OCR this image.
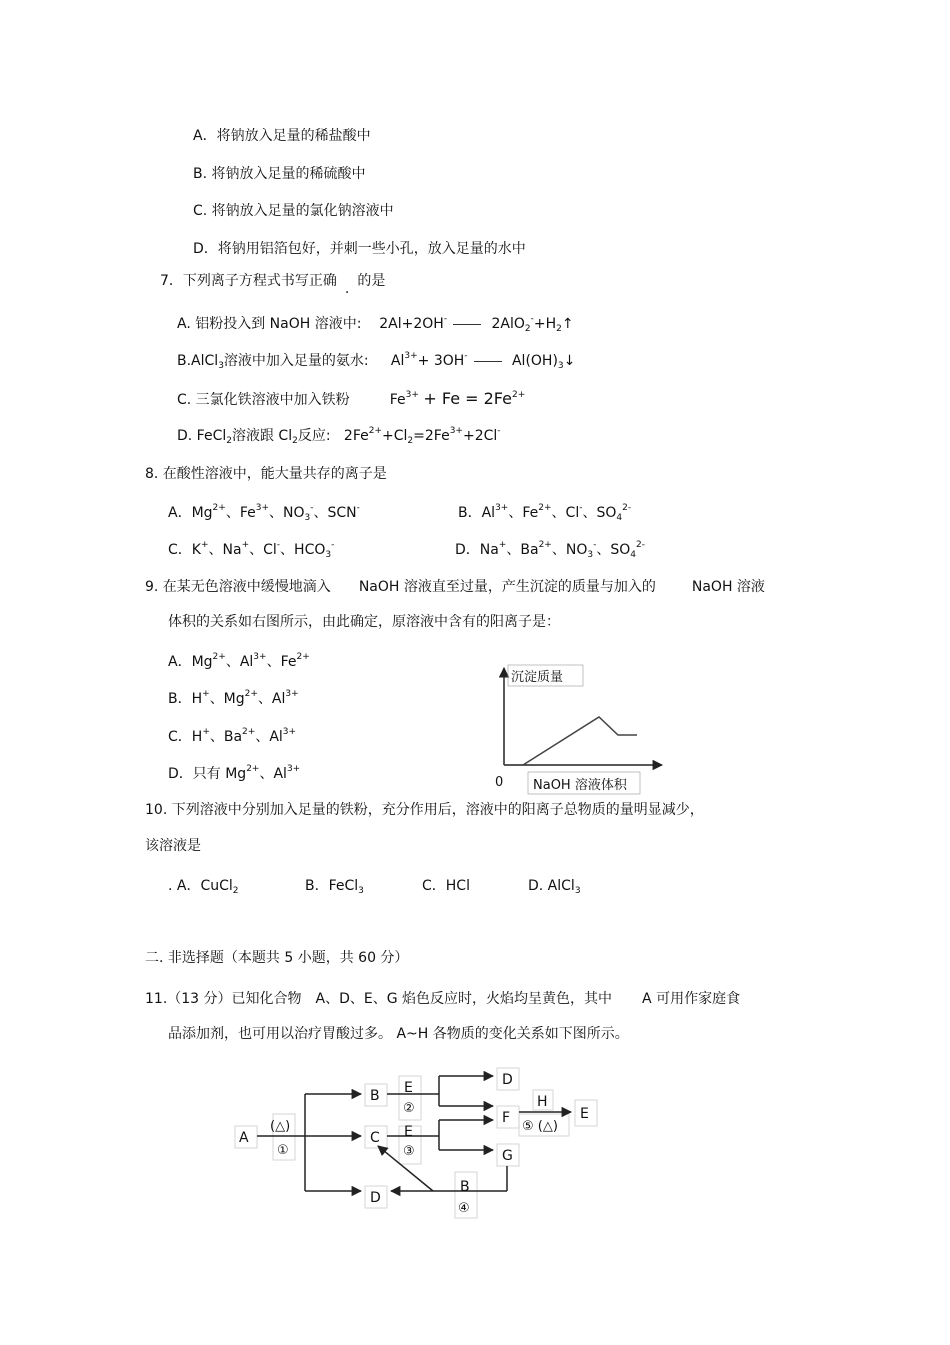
A．将钠放入足量的稀盐酸中
B. 将钠放入足量的稀硫酸中
C. 将钠放入足量的氯化钠溶液中
D．将钠用铝箔包好，并刺一些小孔，放入足量的水中
7．下列离子方程式书写正确 . 的是
A. 铝粉投入到 NaOH 溶液中:    2Al+2OH-	$2AlO_2^-+H_2↑$
B.AlCl$_3$溶液中加入足量的氨水:     $Al^{3+}+ 3OH^-$	$Al(OH)_3↓$
C. 三氯化铁溶液中加入铁粉         $Fe^{3+} + Fe = 2Fe^{2+}$
D. FeCl$_2$溶液跟 $Cl_2$反应:   $2Fe^{2+}+Cl_2=2Fe^{3+}+2Cl^-$
8. 在酸性溶液中，能大量共存的离子是
A．$Mg^{2+}$、$Fe^{3+}$、$NO_3^-$、SCN-	B．$Al^{3+}$、$Fe^{2+}$、Cl-、$SO_4^{2-}$
C．K+、Na+、Cl-、$HCO_3^-$	D．Na+、$Ba^{2+}$、$NO_3^-$、$SO_4^{2-}$
9. 在某无色溶液中缓慢地滴入 NaOH 溶液直至过量，产生沉淀的质量与加入的	NaOH 溶液
体积的关系如右图所示，由此确定，原溶液中含有的阳离子是：
A．$Mg^{2+}$、$Al^{3+}$、$Fe^{2+}$
B．H+、$Mg^{2+}$、$Al^{3+}$
C．H+、$Ba^{2+}$、$Al^{3+}$
D．只有 $Mg^{2+}$、$Al^{3+}$
沉淀质量
NaOH 溶液体积
0
10. 下列溶液中分别加入足量的铁粉，充分作用后，溶液中的阳离子总物质的量明显减少，
该溶液是
. A．CuCl$_2$	B．FeCl$_3$	C．HCl	D. AlCl$_3$
二. 非选择题（本题共 5 小题，共 60 分）
11.（13 分）已知化合物 A、D、E、G 焰色反应时，火焰均呈黄色，其中 A 可用作家庭食
品添加剂，也可用以治疗胃酸过多。 A~H 各物质的变化关系如下图所示。
A
(△)
①
B E
②
C E
③
D
B
④
D
F
G
H
⑤ (△)
E
